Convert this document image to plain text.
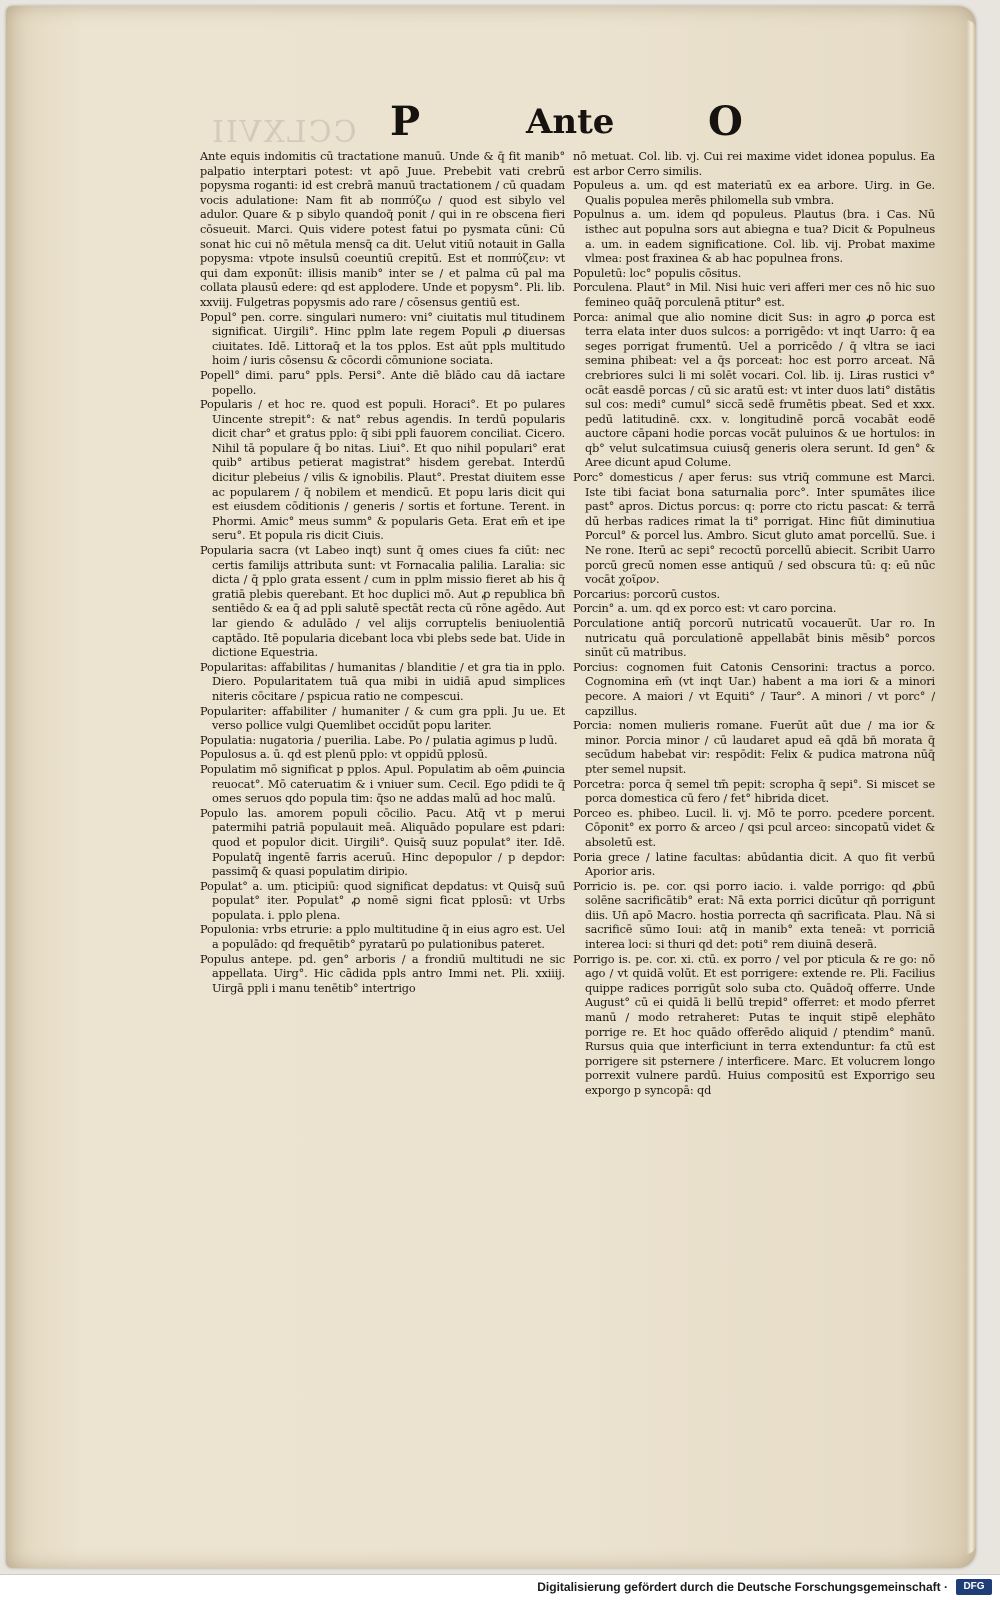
CCLXVII P	Ante O

Ante equis indomitis cū tractatione manuū. Unde & q̄ fit manib° palpatio interptari potest: vt apō Juue. Prebebit vati crebrū popysma roganti: id est crebrā manuū tractationem / cū quadam vocis adulatione: Nam fit ab ποππύζω / quod est sibylo vel adulor. Quare & p sibylo quandoq̄ ponit / qui in re obscena fieri cōsueuit. Marci. Quis videre potest fatui po pysmata cūni: Cū sonat hic cui nō mētula mensq̄ ca dit. Uelut vitiū notauit in Galla popysma: vtpote insulsū coeuntiū crepitū. Est et ποππύζειν: vt qui dam exponūt: illisis manib° inter se / et palma cū pal ma collata plausū edere: qd est applodere. Unde et popysm°. Pli. lib. xxviij. Fulgetras popysmis ado rare / cōsensus gentiū est.

Popul° pen. corre. singulari numero: vni° ciuitatis mul titudinem significat. Uirgili°. Hinc pplm late regem Populi ꝓ diuersas ciuitates. Idē. Littoraq̄ et la tos pplos. Est aūt ppls multitudo hoim / iuris cōsensu & cōcordi cōmunione sociata.

Popell° dimi. paru° ppls. Persi°. Ante diē blādo cau dā iactare popello.

Popularis / et hoc re. quod est populi. Horaci°. Et po pulares Uincente strepit°: & nat° rebus agendis. In terdū popularis dicit char° et gratus pplo: q̄ sibi ppli fauorem conciliat. Cicero. Nihil tā populare q̄ bo nitas. Liui°. Et quo nihil populari° erat quib° artibus petierat magistrat° hisdem gerebat. Interdū dicitur plebeius / vilis & ignobilis. Plaut°. Prestat diuitem esse ac popularem / q̄ nobilem et mendicū. Et popu laris dicit qui est eiusdem cōditionis / generis / sortis et fortune. Terent. in Phormi. Amic° meus summ° & popularis Geta. Erat em̄ et ipe seru°. Et popula ris dicit Ciuis.

Popularia sacra (vt Labeo inqt) sunt q̄ omes ciues fa ciūt: nec certis familijs attributa sunt: vt Fornacalia palilia. Laralia: sic dicta / q̄ pplo grata essent / cum in pplm missio fieret ab his q̄ gratiā plebis querebant. Et hoc duplici mō. Aut ꝓ republica bn̄ sentiēdo & ea q̄ ad ppli salutē spectāt recta cū rōne agēdo. Aut lar giendo & adulādo / vel alijs corruptelis beniuolentiā captādo. Itē popularia dicebant loca vbi plebs sede bat. Uide in dictione Equestria.

Popularitas: affabilitas / humanitas / blanditie / et gra tia in pplo. Diero. Popularitatem tuā qua mibi in uidiā apud simplices niteris cōcitare / pspicua ratio ne compescui.

Populariter: affabiliter / humaniter / & cum gra ppli. Ju ue. Et verso pollice vulgi Quemlibet occidūt popu lariter.

Populatia: nugatoria / puerilia. Labe. Po / pulatia agimus p ludū.

Populosus a. ū. qd est plenū pplo: vt oppidū pplosū.

Populatim mō significat p pplos. Apul. Populatim ab oēm ꝓuincia reuocat°. Mō cateruatim & i vniuer sum. Cecil. Ego pdidi te q̄ omes seruos qdo popula tim: q̄so ne addas malū ad hoc malū.

Populo las. amorem populi cōcilio. Pacu. Atq̄ vt p merui patermihi patriā populauit meā. Aliquādo populare est pdari: quod et populor dicit. Uirgili°. Quisq̄ suuz populat° iter. Idē. Populatq̄ ingentē farris aceruū. Hinc depopulor / p depdor: passimq̄ & quasi populatim diripio.

Populat° a. um. pticipiū: quod significat depdatus: vt Quisq̄ suū populat° iter. Populat° ꝓ nomē signi ficat pplosū: vt Urbs populata. i. pplo plena.

Populonia: vrbs etrurie: a pplo multitudine q̄ in eius agro est. Uel a populādo: qd frequētib° pyratarū po pulationibus pateret.

Populus antepe. pd. gen° arboris / a frondiū multitudi ne sic appellata. Uirg°. Hic cādida ppls antro Immi net. Pli. xxiiij. Uirgā ppli i manu tenētib° intertrigo

nō metuat. Col. lib. vj. Cui rei maxime videt idonea populus. Ea est arbor Cerro similis.

Populeus a. um. qd est materiatū ex ea arbore. Uirg. in Ge. Qualis populea merēs philomella sub vmbra.

Populnus a. um. idem qd populeus. Plautus (bra. i Cas. Nū isthec aut populna sors aut abiegna e tua? Dicit & Populneus a. um. in eadem significatione. Col. lib. vij. Probat maxime vlmea: post fraxinea & ab hac populnea frons.

Populetū: loc° populis cōsitus.

Porculena. Plaut° in Mil. Nisi huic veri afferi mer ces nō hic suo femineo quāq̄ porculenā ptitur° est.

Porca: animal que alio nomine dicit Sus: in agro ꝓ porca est terra elata inter duos sulcos: a porrigēdo: vt inqt Uarro: q̄ ea seges porrigat frumentū. Uel a porricēdo / q̄ vltra se iaci semina phibeat: vel a q̄s porceat: hoc est porro arceat. Nā crebriores sulci li mi solēt vocari. Col. lib. ij. Liras rustici v° ocāt easdē porcas / cū sic aratū est: vt inter duos lati° distātis sul cos: medi° cumul° siccā sedē frumētis pbeat. Sed et xxx. pedū latitudinē. cxx. v. longitudinē porcā vocabāt eodē auctore cāpani hodie porcas vocāt puluinos & ue hortulos: in qb° velut sulcatimsua cuiusq̄ generis olera serunt. Id gen° & Aree dicunt apud Colume.

Porc° domesticus / aper ferus: sus vtriq̄ commune est Marci. Iste tibi faciat bona saturnalia porc°. Inter spumātes ilice past° apros. Dictus porcus: q: porre cto rictu pascat: & terrā dū herbas radices rimat la ti° porrigat. Hinc fiūt diminutiua Porcul° & porcel lus. Ambro. Sicut gluto amat porcellū. Sue. i Ne rone. Iterū ac sepi° recoctū porcellū abiecit. Scribit Uarro porcū grecū nomen esse antiquū / sed obscura tū: q: eū nūc vocāt χοῖρον.

Porcarius: porcorū custos.

Porcin° a. um. qd ex porco est: vt caro porcina.

Porculatione antiq̄ porcorū nutricatū vocauerūt. Uar ro. In nutricatu quā porculationē appellabāt binis mēsib° porcos sinūt cū matribus.

Porcius: cognomen fuit Catonis Censorini: tractus a porco. Cognomina em̄ (vt inqt Uar.) habent a ma iori & a minori pecore. A maiori / vt Equiti° / Taur°. A minori / vt porc° / capzillus.

Porcia: nomen mulieris romane. Fuerūt aūt due / ma ior & minor. Porcia minor / cū laudaret apud eā qdā bn̄ morata q̄ secūdum habebat vir: respōdit: Felix & pudica matrona nūq̄ pter semel nupsit.

Porcetra: porca q̄ semel tm̄ pepit: scropha q̄ sepi°. Si miscet se porca domestica cū fero / fet° hibrida dicet.

Porceo es. phibeo. Lucil. li. vj. Mō te porro. pcedere porcent. Cōponit° ex porro & arceo / qsi pcul arceo: sincopatū videt & absoletū est.

Poria grece / latine facultas: abūdantia dicit. A quo fit verbū Aporior aris.

Porricio is. pe. cor. qsi porro iacio. i. valde porrigo: qd ꝓbū solēne sacrificātib° erat: Nā exta porrici dicūtur qn̄ porrigunt diis. Un̄ apō Macro. hostia porrecta qn̄ sacrificata. Plau. Nā si sacrificē sūmo Ioui: atq̄ in manib° exta teneā: vt porriciā interea loci: si thuri qd det: poti° rem diuinā deserā.

Porrigo is. pe. cor. xi. ctū. ex porro / vel por pticula & re go: nō ago / vt quidā volūt. Et est porrigere: extende re. Pli. Facilius quippe radices porrigūt solo suba cto. Quādoq̄ offerre. Unde August° cū ei quidā li bellū trepid° offerret: et modo pferret manū / modo retraheret: Putas te inquit stipē elephāto porrige re. Et hoc quādo offerēdo aliquid / ptendim° manū. Rursus quia que interficiunt in terra extenduntur: fa ctū est porrigere sit psternere / interficere. Marc. Et volucrem longo porrexit vulnere pardū. Huius compositū est Exporrigo seu exporgo p syncopā: qd

Digitalisierung gefördert durch die Deutsche Forschungsgemeinschaft ·	DFG
